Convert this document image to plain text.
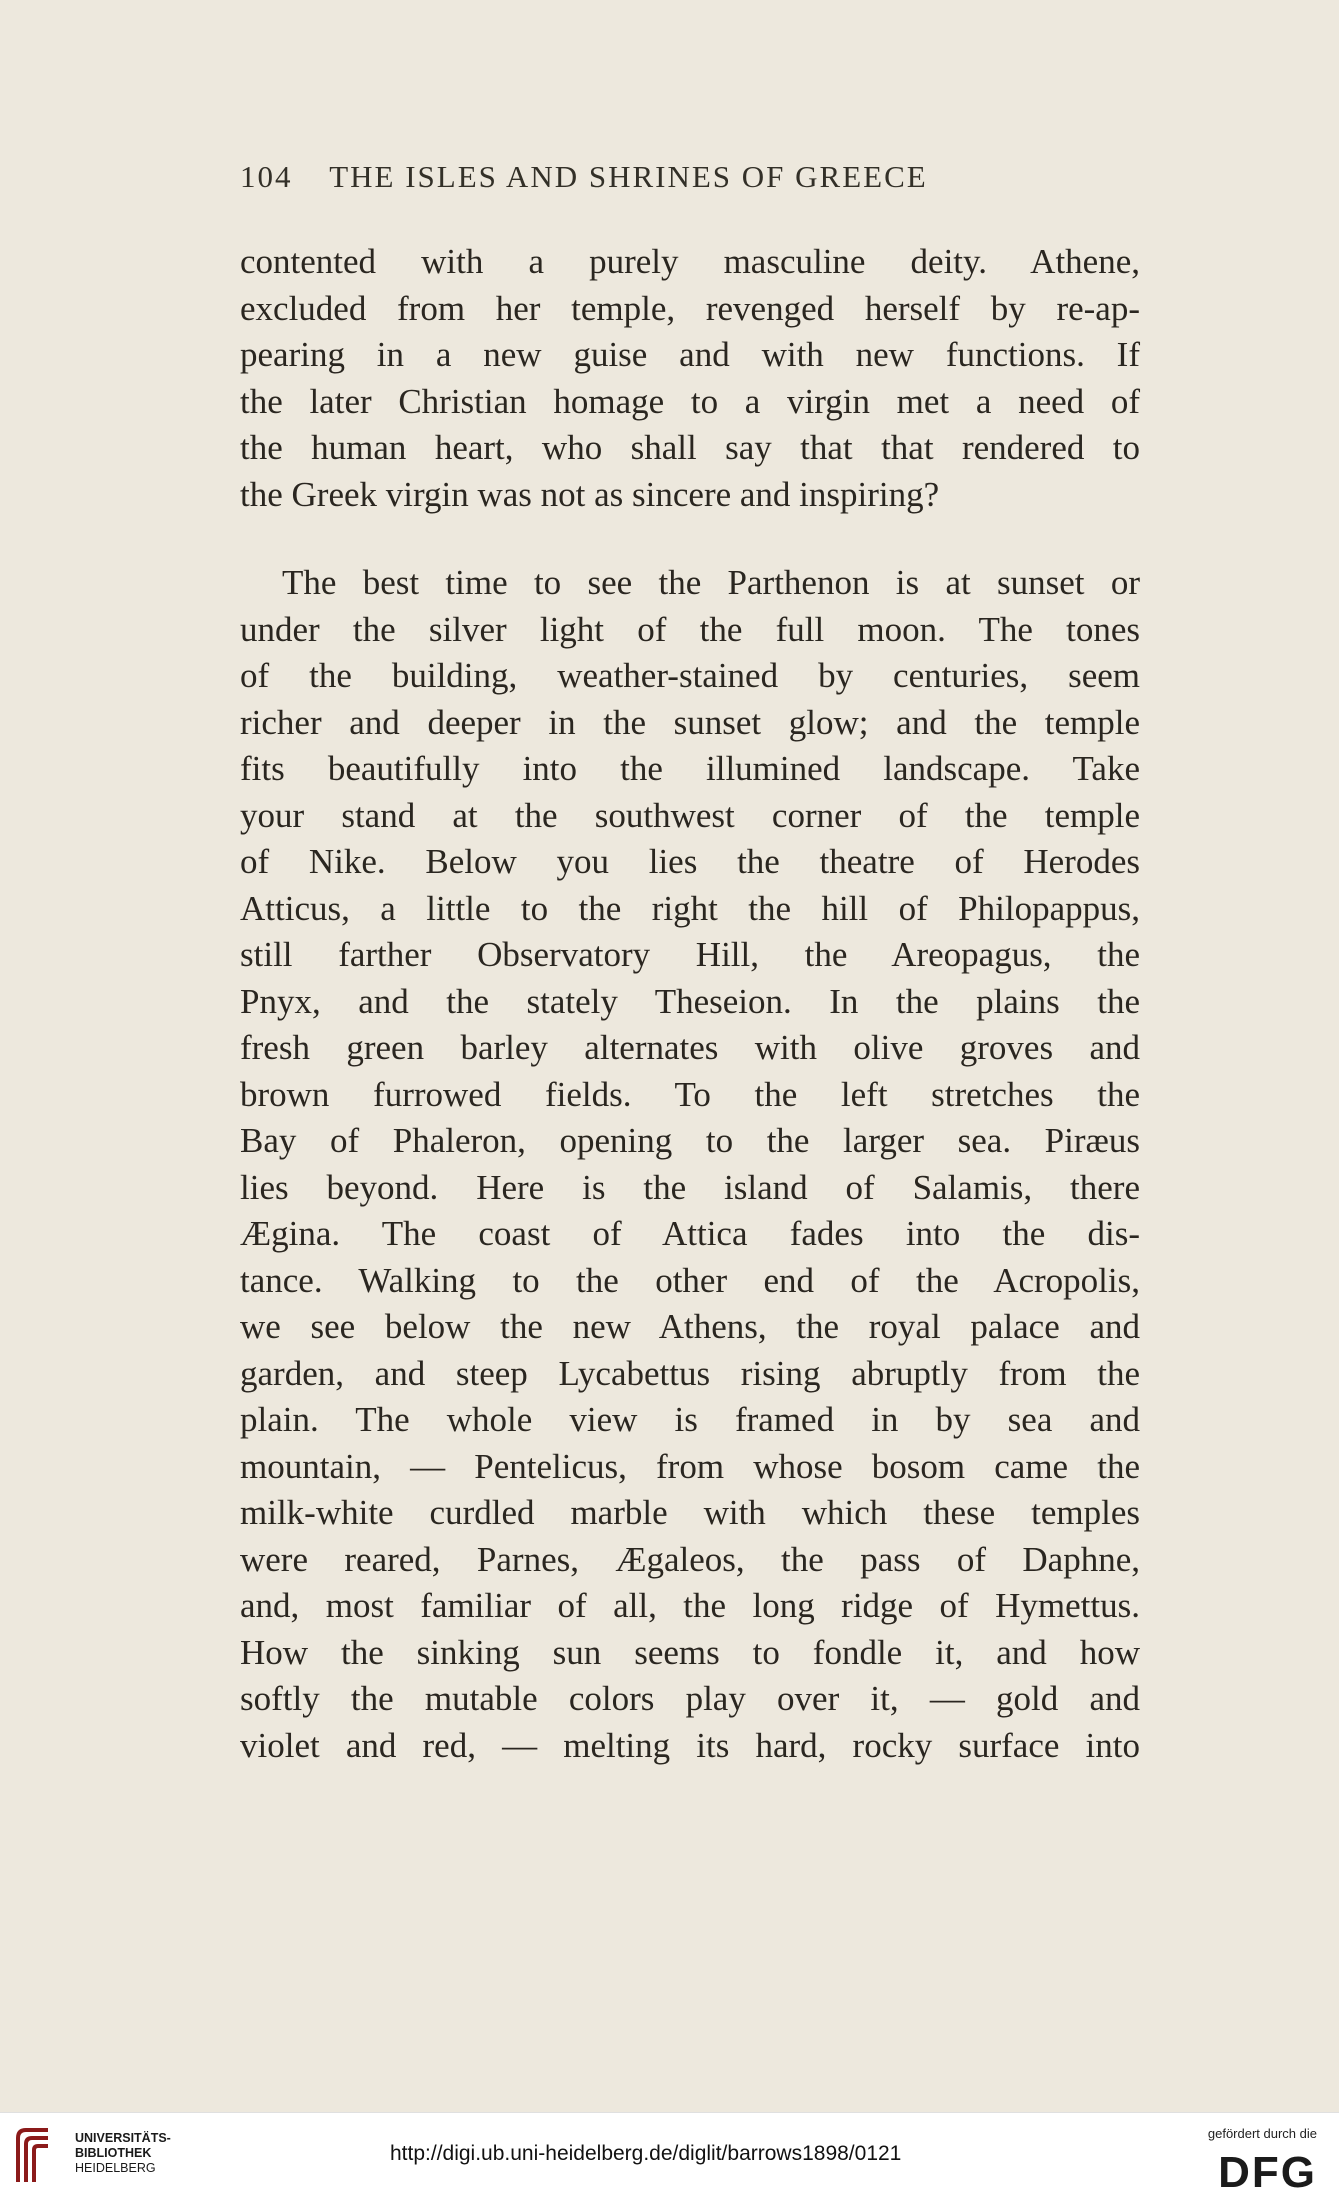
104 THE ISLES AND SHRINES OF GREECE
contented with a purely masculine deity. Athene,
excluded from her temple, revenged herself by re-ap-
pearing in a new guise and with new functions. If
the later Christian homage to a virgin met a need of
the human heart, who shall say that that rendered to
the Greek virgin was not as sincere and inspiring?
The best time to see the Parthenon is at sunset or
under the silver light of the full moon. The tones
of the building, weather-stained by centuries, seem
richer and deeper in the sunset glow; and the temple
fits beautifully into the illumined landscape. Take
your stand at the southwest corner of the temple
of Nike. Below you lies the theatre of Herodes
Atticus, a little to the right the hill of Philopappus,
still farther Observatory Hill, the Areopagus, the
Pnyx, and the stately Theseion. In the plains the
fresh green barley alternates with olive groves and
brown furrowed fields. To the left stretches the
Bay of Phaleron, opening to the larger sea. Piræus
lies beyond. Here is the island of Salamis, there
Ægina. The coast of Attica fades into the dis-
tance. Walking to the other end of the Acropolis,
we see below the new Athens, the royal palace and
garden, and steep Lycabettus rising abruptly from the
plain. The whole view is framed in by sea and
mountain, — Pentelicus, from whose bosom came the
milk-white curdled marble with which these temples
were reared, Parnes, Ægaleos, the pass of Daphne,
and, most familiar of all, the long ridge of Hymettus.
How the sinking sun seems to fondle it, and how
softly the mutable colors play over it, — gold and
violet and red, — melting its hard, rocky surface into
UNIVERSITÄTS-
BIBLIOTHEK
HEIDELBERG
http://digi.ub.uni-heidelberg.de/diglit/barrows1898/0121
gefördert durch die
DFG
